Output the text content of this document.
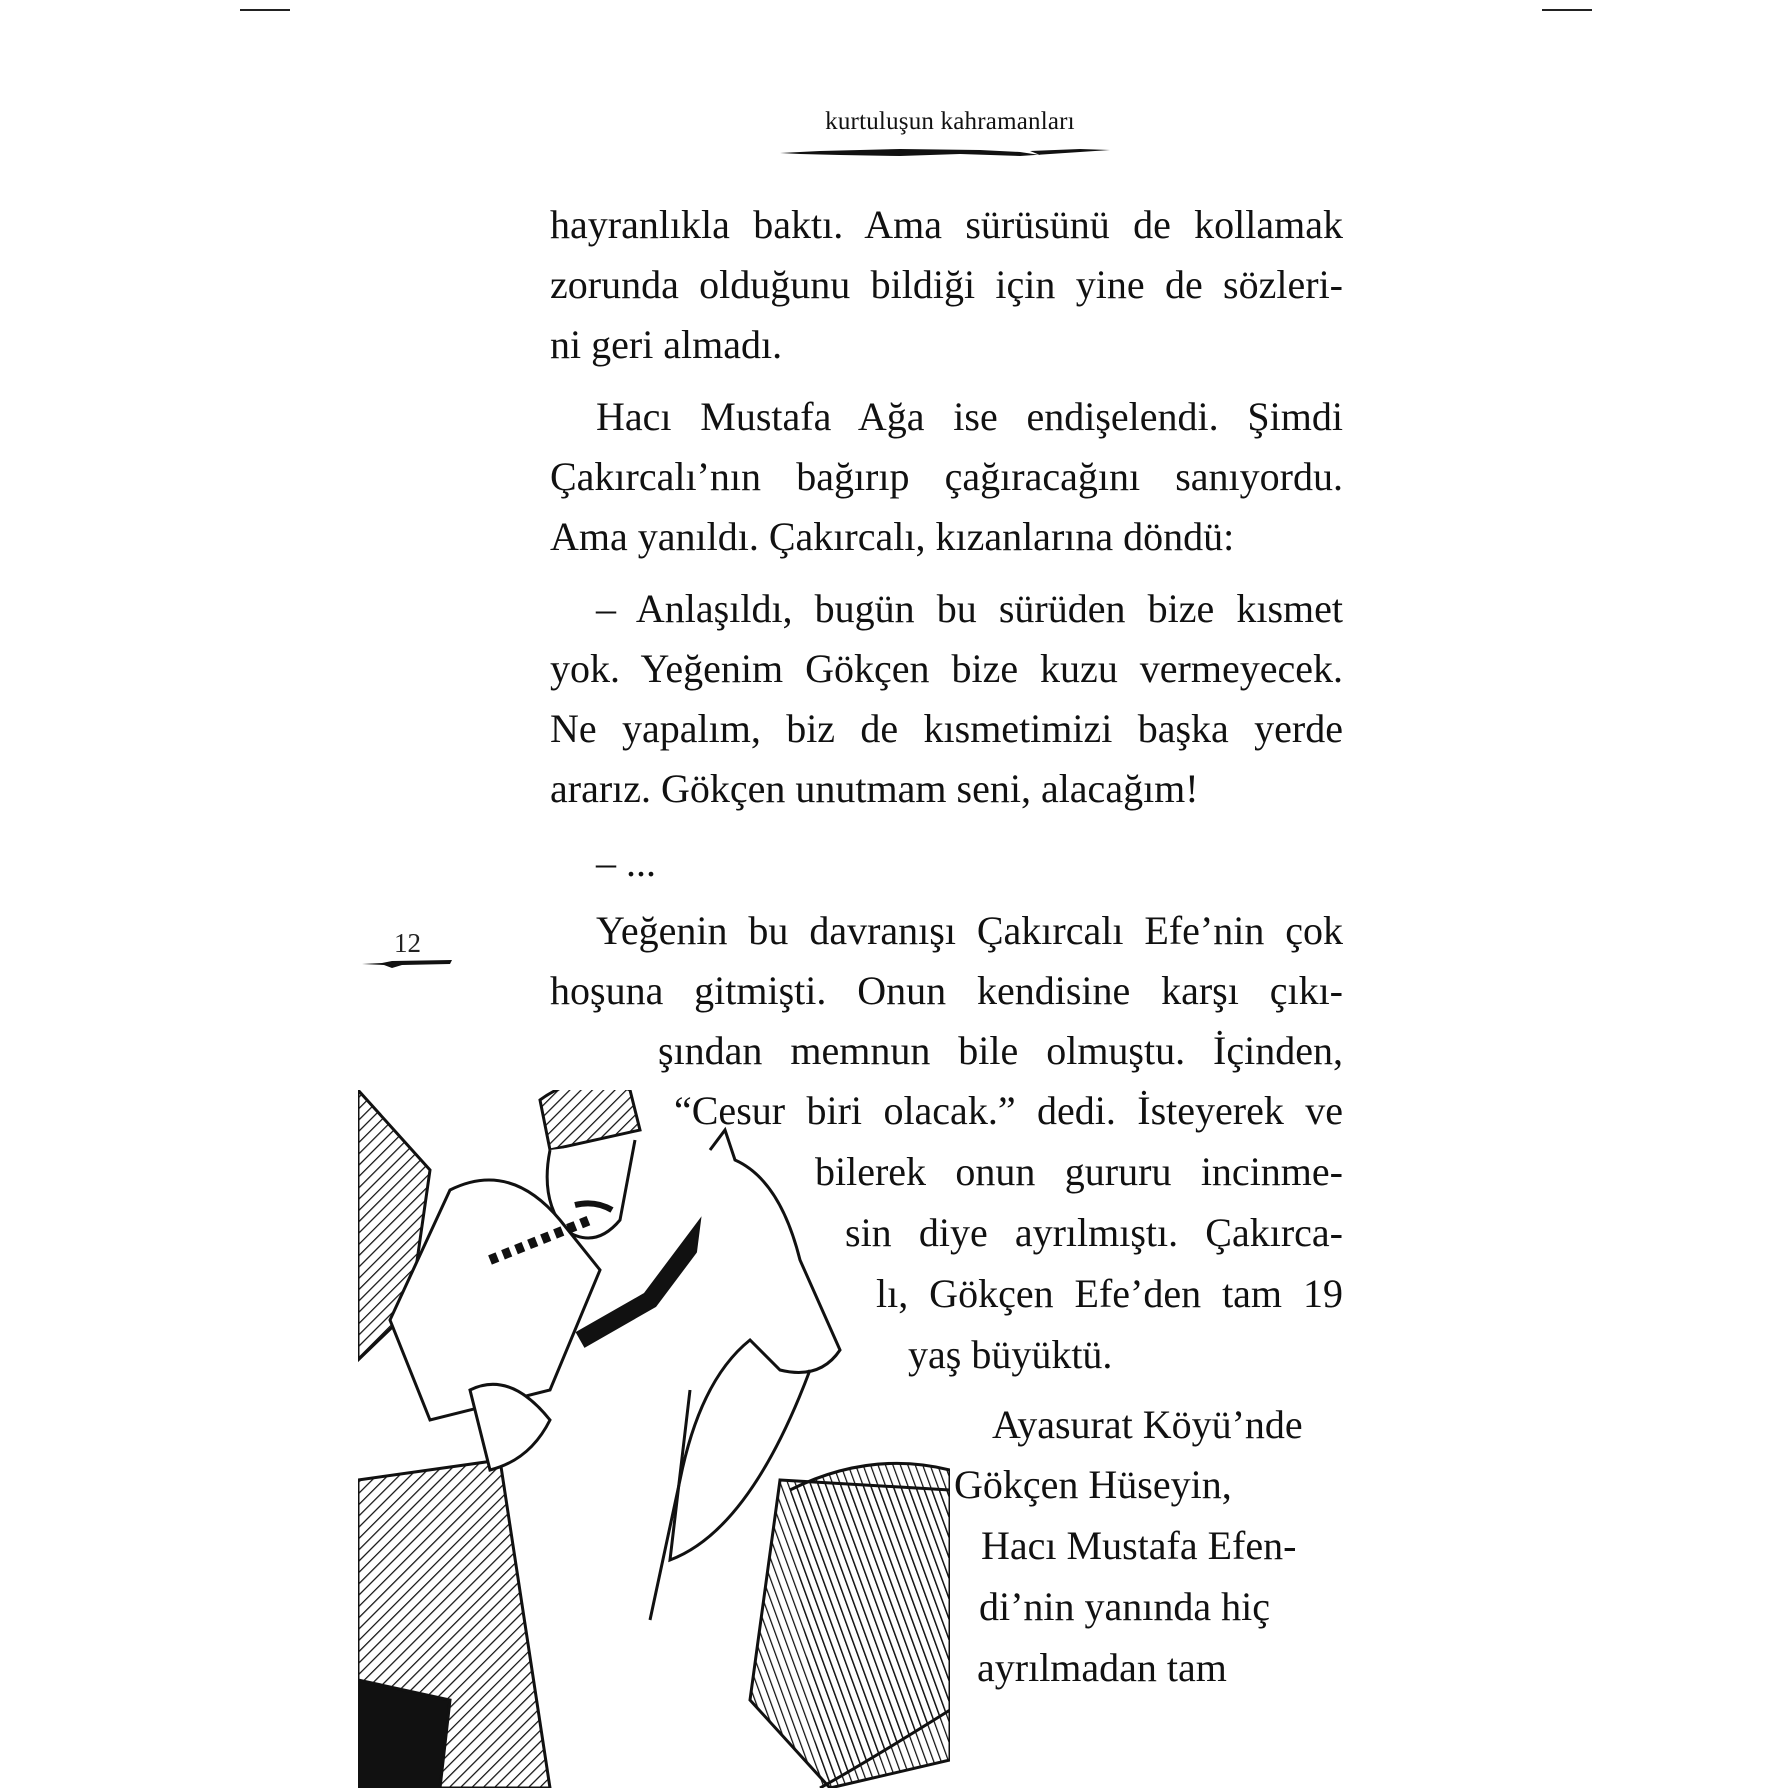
kurtuluşun kahramanları
hayranlıkla baktı. Ama sürüsünü de kollamak
zorunda olduğunu bildiği için yine de sözleri-
ni geri almadı.
Hacı Mustafa Ağa ise endişelendi. Şimdi
Çakırcalı’nın bağırıp çağıracağını sanıyordu.
Ama yanıldı. Çakırcalı, kızanlarına döndü:
– Anlaşıldı, bugün bu sürüden bize kısmet
yok. Yeğenim Gökçen bize kuzu vermeyecek.
Ne yapalım, biz de kısmetimizi başka yerde
ararız. Gökçen unutmam seni, alacağım!
– ...
Yeğenin bu davranışı Çakırcalı Efe’nin çok
hoşuna gitmişti. Onun kendisine karşı çıkı-
şından memnun bile olmuştu. İçinden,
“Cesur biri olacak.” dedi. İsteyerek ve
bilerek onun gururu incinme-
sin diye ayrılmıştı. Çakırca-
lı, Gökçen Efe’den tam 19
yaş büyüktü.
Ayasurat Köyü’nde
Gökçen Hüseyin,
Hacı Mustafa Efen-
di’nin yanında hiç
ayrılmadan tam
12
